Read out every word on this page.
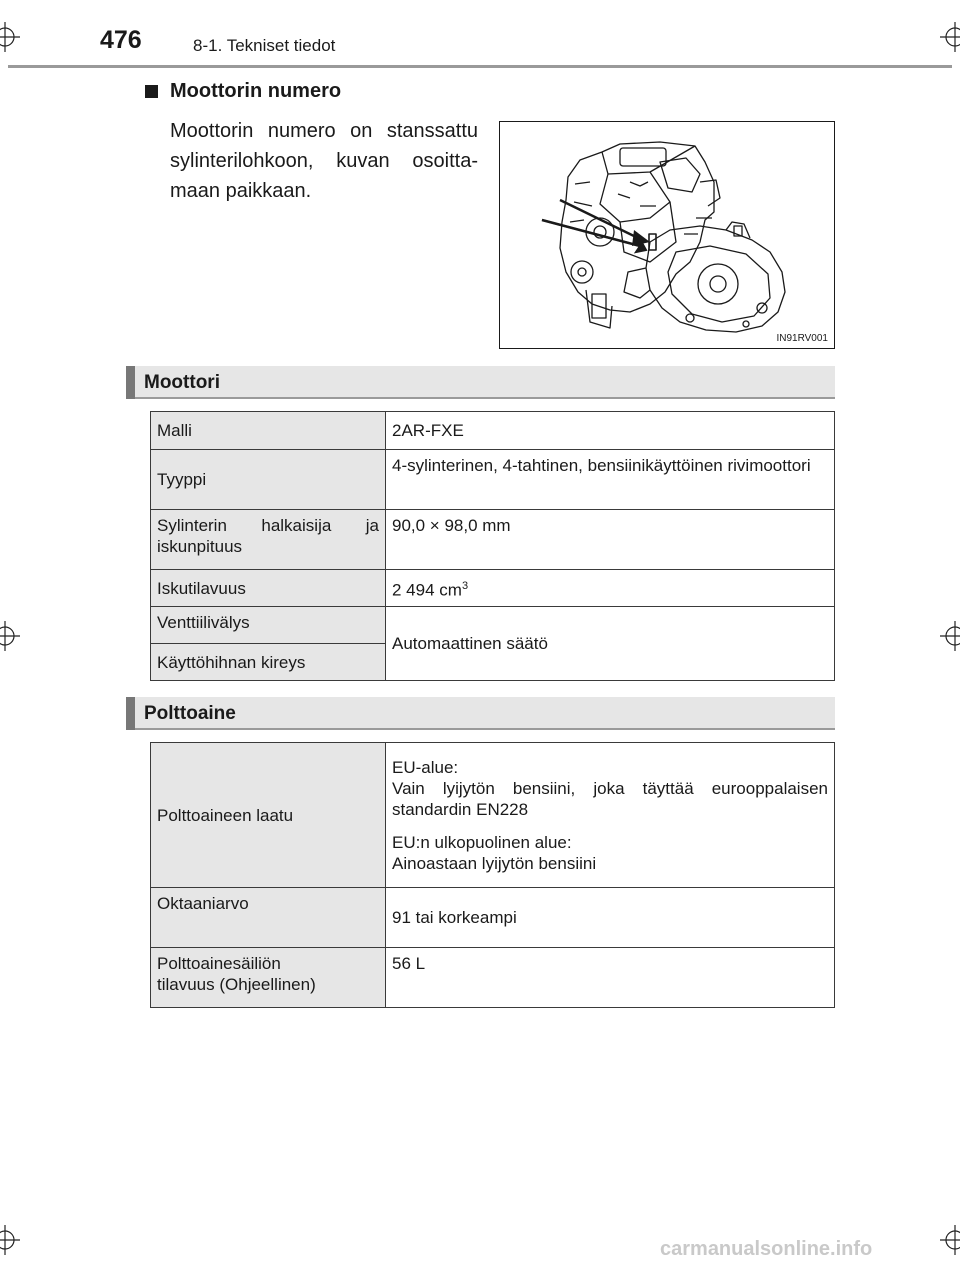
476	8-1. Tekniset tiedot
Moottorin numero
Moottorin numero on stanssattu sylinterilohkoon, kuvan osoitta-maan paikkaan.
IN91RV001
Moottori
Malli	2AR-FXE
Tyyppi	4-sylinterinen, 4-tahtinen, bensiinikäyttöinen rivimoottori

Sylinterin halkaisija ja
iskunpituus	90,0 × 98,0 mm
Iskutilavuus	2 494 $cm^3$
Venttiilivälys	Automaattinen säätö
Käyttöhihnan kireys	
Polttoaine
Polttoaineen laatu	EU-alue:

Vain lyijytön bensiini, joka täyttää eurooppalaisen standardin EN228

EU:n ulkopuolinen alue:

Ainoastaan lyijytön bensiini

Oktaaniarvo	91 tai korkeampi

Polttoainesäiliön
tilavuus (Ohjeellinen)	56 L
carmanualsonline.info
